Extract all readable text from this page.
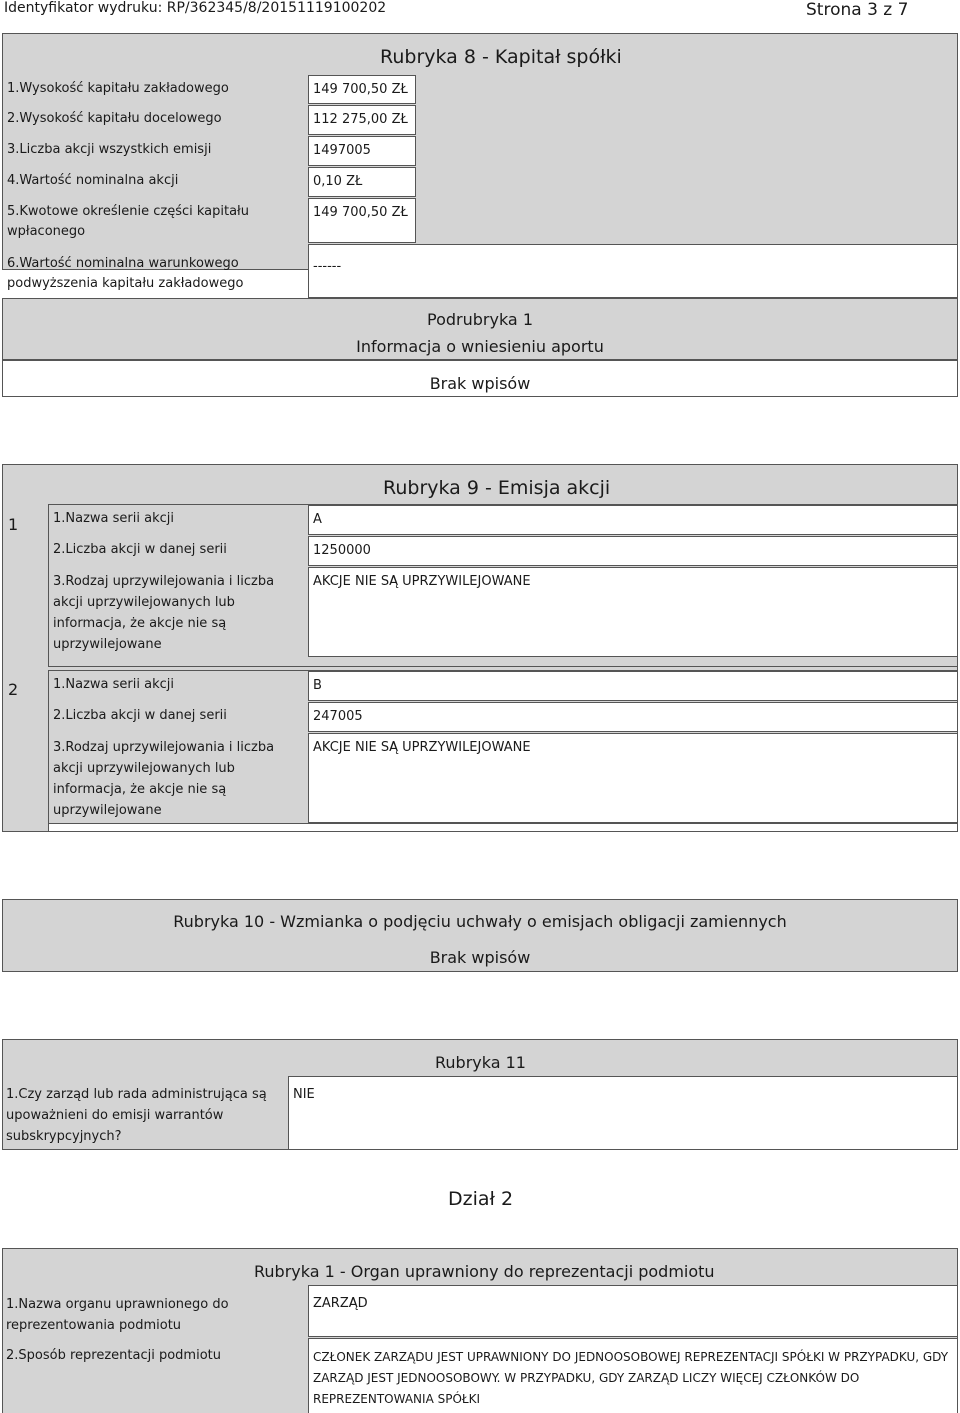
Identyfikator wydruku: RP/362345/8/20151119100202	Strona 3 z 7
Rubryka 8 - Kapitał spółki
1.Wysokość kapitału zakładowego	149 700,50 ZŁ
2.Wysokość kapitału docelowego	112 275,00 ZŁ
3.Liczba akcji wszystkich emisji	1497005
4.Wartość nominalna akcji	0,10 ZŁ
5.Kwotowe określenie części kapitału wpłaconego
149 700,50 ZŁ
6.Wartość nominalna warunkowego podwyższenia kapitału zakładowego
------
Podrubryka 1
Informacja o wniesieniu aportu
Brak wpisów
Rubryka 9 - Emisja akcji
1	1.Nazwa serii akcji	A
2.Liczba akcji w danej serii	1250000
3.Rodzaj uprzywilejowania i liczba akcji uprzywilejowanych lub informacja, że akcje nie są uprzywilejowane
AKCJE NIE SĄ UPRZYWILEJOWANE
2	1.Nazwa serii akcji	B
2.Liczba akcji w danej serii	247005
3.Rodzaj uprzywilejowania i liczba akcji uprzywilejowanych lub informacja, że akcje nie są uprzywilejowane
AKCJE NIE SĄ UPRZYWILEJOWANE
Rubryka 10 - Wzmianka o podjęciu uchwały o emisjach obligacji zamiennych
Brak wpisów
Rubryka 11
1.Czy zarząd lub rada administrująca są upoważnieni do emisji warrantów subskrypcyjnych?
NIE
Dział 2
Rubryka 1 - Organ uprawniony do reprezentacji podmiotu
1.Nazwa organu uprawnionego do reprezentowania podmiotu
ZARZĄD
2.Sposób reprezentacji podmiotu	CZŁONEK ZARZĄDU JEST UPRAWNIONY DO JEDNOOSOBOWEJ REPREZENTACJI SPÓŁKI W PRZYPADKU, GDY ZARZĄD JEST JEDNOOSOBOWY. W PRZYPADKU, GDY ZARZĄD LICZY WIĘCEJ CZŁONKÓW DO REPREZENTOWANIA SPÓŁKI
